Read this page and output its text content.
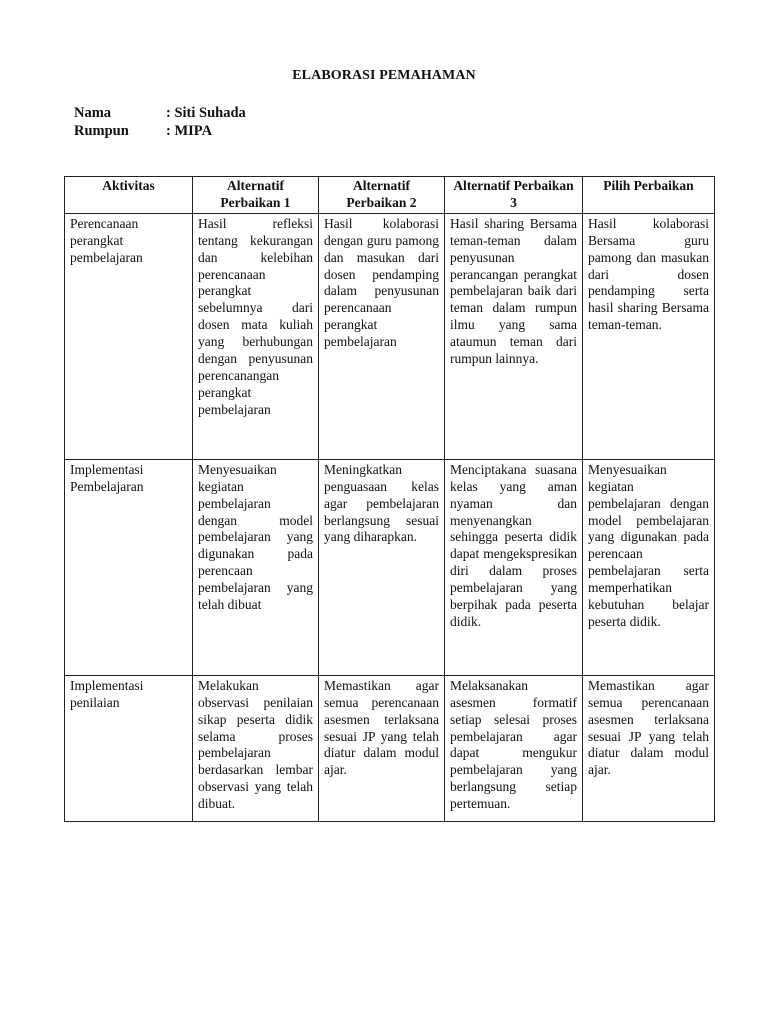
ELABORASI PEMAHAMAN
Nama	: Siti Suhada
Rumpun	: MIPA
Aktivitas	Alternatif Perbaikan 1	Alternatif Perbaikan 2	Alternatif Perbaikan 3	Pilih Perbaikan
Perencanaan perangkat pembelajaran	Hasil refleksi tentang kekurangan dan kelebihan perencanaan perangkat sebelumnya dari dosen mata kuliah yang berhubungan dengan penyusunan perencanangan perangkat pembelajaran	Hasil kolaborasi dengan guru pamong dan masukan dari dosen pendamping dalam penyusunan perencanaan perangkat pembelajaran	Hasil sharing Bersama teman-teman dalam penyusunan perancangan perangkat pembelajaran baik dari teman dalam rumpun ilmu yang sama ataumun teman dari rumpun lainnya.	Hasil kolaborasi Bersama guru pamong dan masukan dari dosen pendamping serta hasil sharing Bersama teman-teman.
Implementasi Pembelajaran	Menyesuaikan kegiatan pembelajaran dengan model pembelajaran yang digunakan pada perencaan pembelajaran yang telah dibuat	Meningkatkan penguasaan kelas agar pembelajaran berlangsung sesuai yang diharapkan.	Menciptakana suasana kelas yang aman nyaman dan menyenangkan sehingga peserta didik dapat mengekspresikan diri dalam proses pembelajaran yang berpihak pada peserta didik.	Menyesuaikan kegiatan pembelajaran dengan model pembelajaran yang digunakan pada perencaan pembelajaran serta memperhatikan kebutuhan belajar peserta didik.
Implementasi penilaian	Melakukan observasi penilaian sikap peserta didik selama proses pembelajaran berdasarkan lembar observasi yang telah dibuat.	Memastikan agar semua perencanaan asesmen terlaksana sesuai JP yang telah diatur dalam modul ajar.	Melaksanakan asesmen formatif setiap selesai proses pembelajaran agar dapat mengukur pembelajaran yang berlangsung setiap pertemuan.	Memastikan agar semua perencanaan asesmen terlaksana sesuai JP yang telah diatur dalam modul ajar.
